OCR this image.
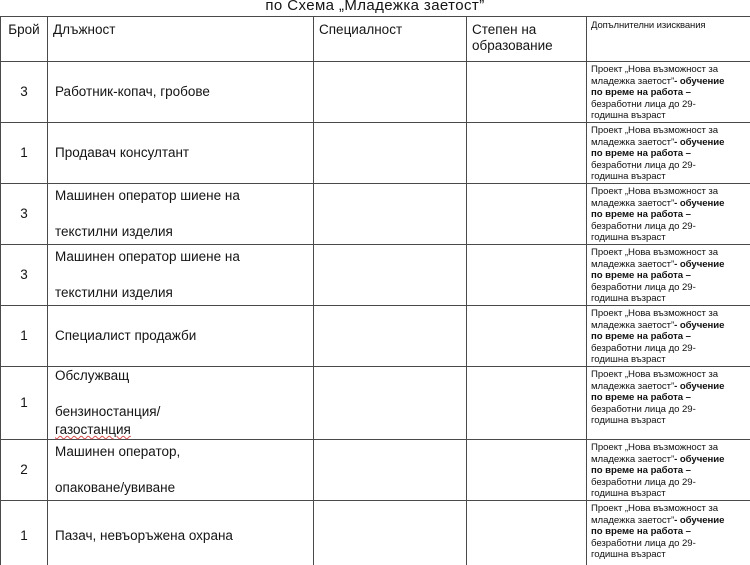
по Схема „Младежка заетост”
Брой	Длъжност	Специалност	Степен на
образование	Допълнителни изисквания

3	Работник-копач, гробове			Проект „Нова възможност за
младежка заетост”- обучение
по време на работа –
безработни лица до 29-
годишна възраст

1	Продавач консултант			Проект „Нова възможност за
младежка заетост”- обучение
по време на работа –
безработни лица до 29-
годишна възраст

3	Машинен оператор шиене на

текстилни изделия			Проект „Нова възможност за
младежка заетост”- обучение
по време на работа –
безработни лица до 29-
годишна възраст

3	Машинен оператор шиене на

текстилни изделия			Проект „Нова възможност за
младежка заетост”- обучение
по време на работа –
безработни лица до 29-
годишна възраст

1	Специалист продажби			Проект „Нова възможност за
младежка заетост”- обучение
по време на работа –
безработни лица до 29-
годишна възраст

1	Обслужващ

бензиностанция/
газостанция			Проект „Нова възможност за
младежка заетост”- обучение
по време на работа –
безработни лица до 29-
годишна възраст

2	Машинен оператор,

опаковане/увиване			Проект „Нова възможност за
младежка заетост”- обучение
по време на работа –
безработни лица до 29-
годишна възраст

1	Пазач, невъоръжена охрана			Проект „Нова възможност за
младежка заетост”- обучение
по време на работа –
безработни лица до 29-
годишна възраст
